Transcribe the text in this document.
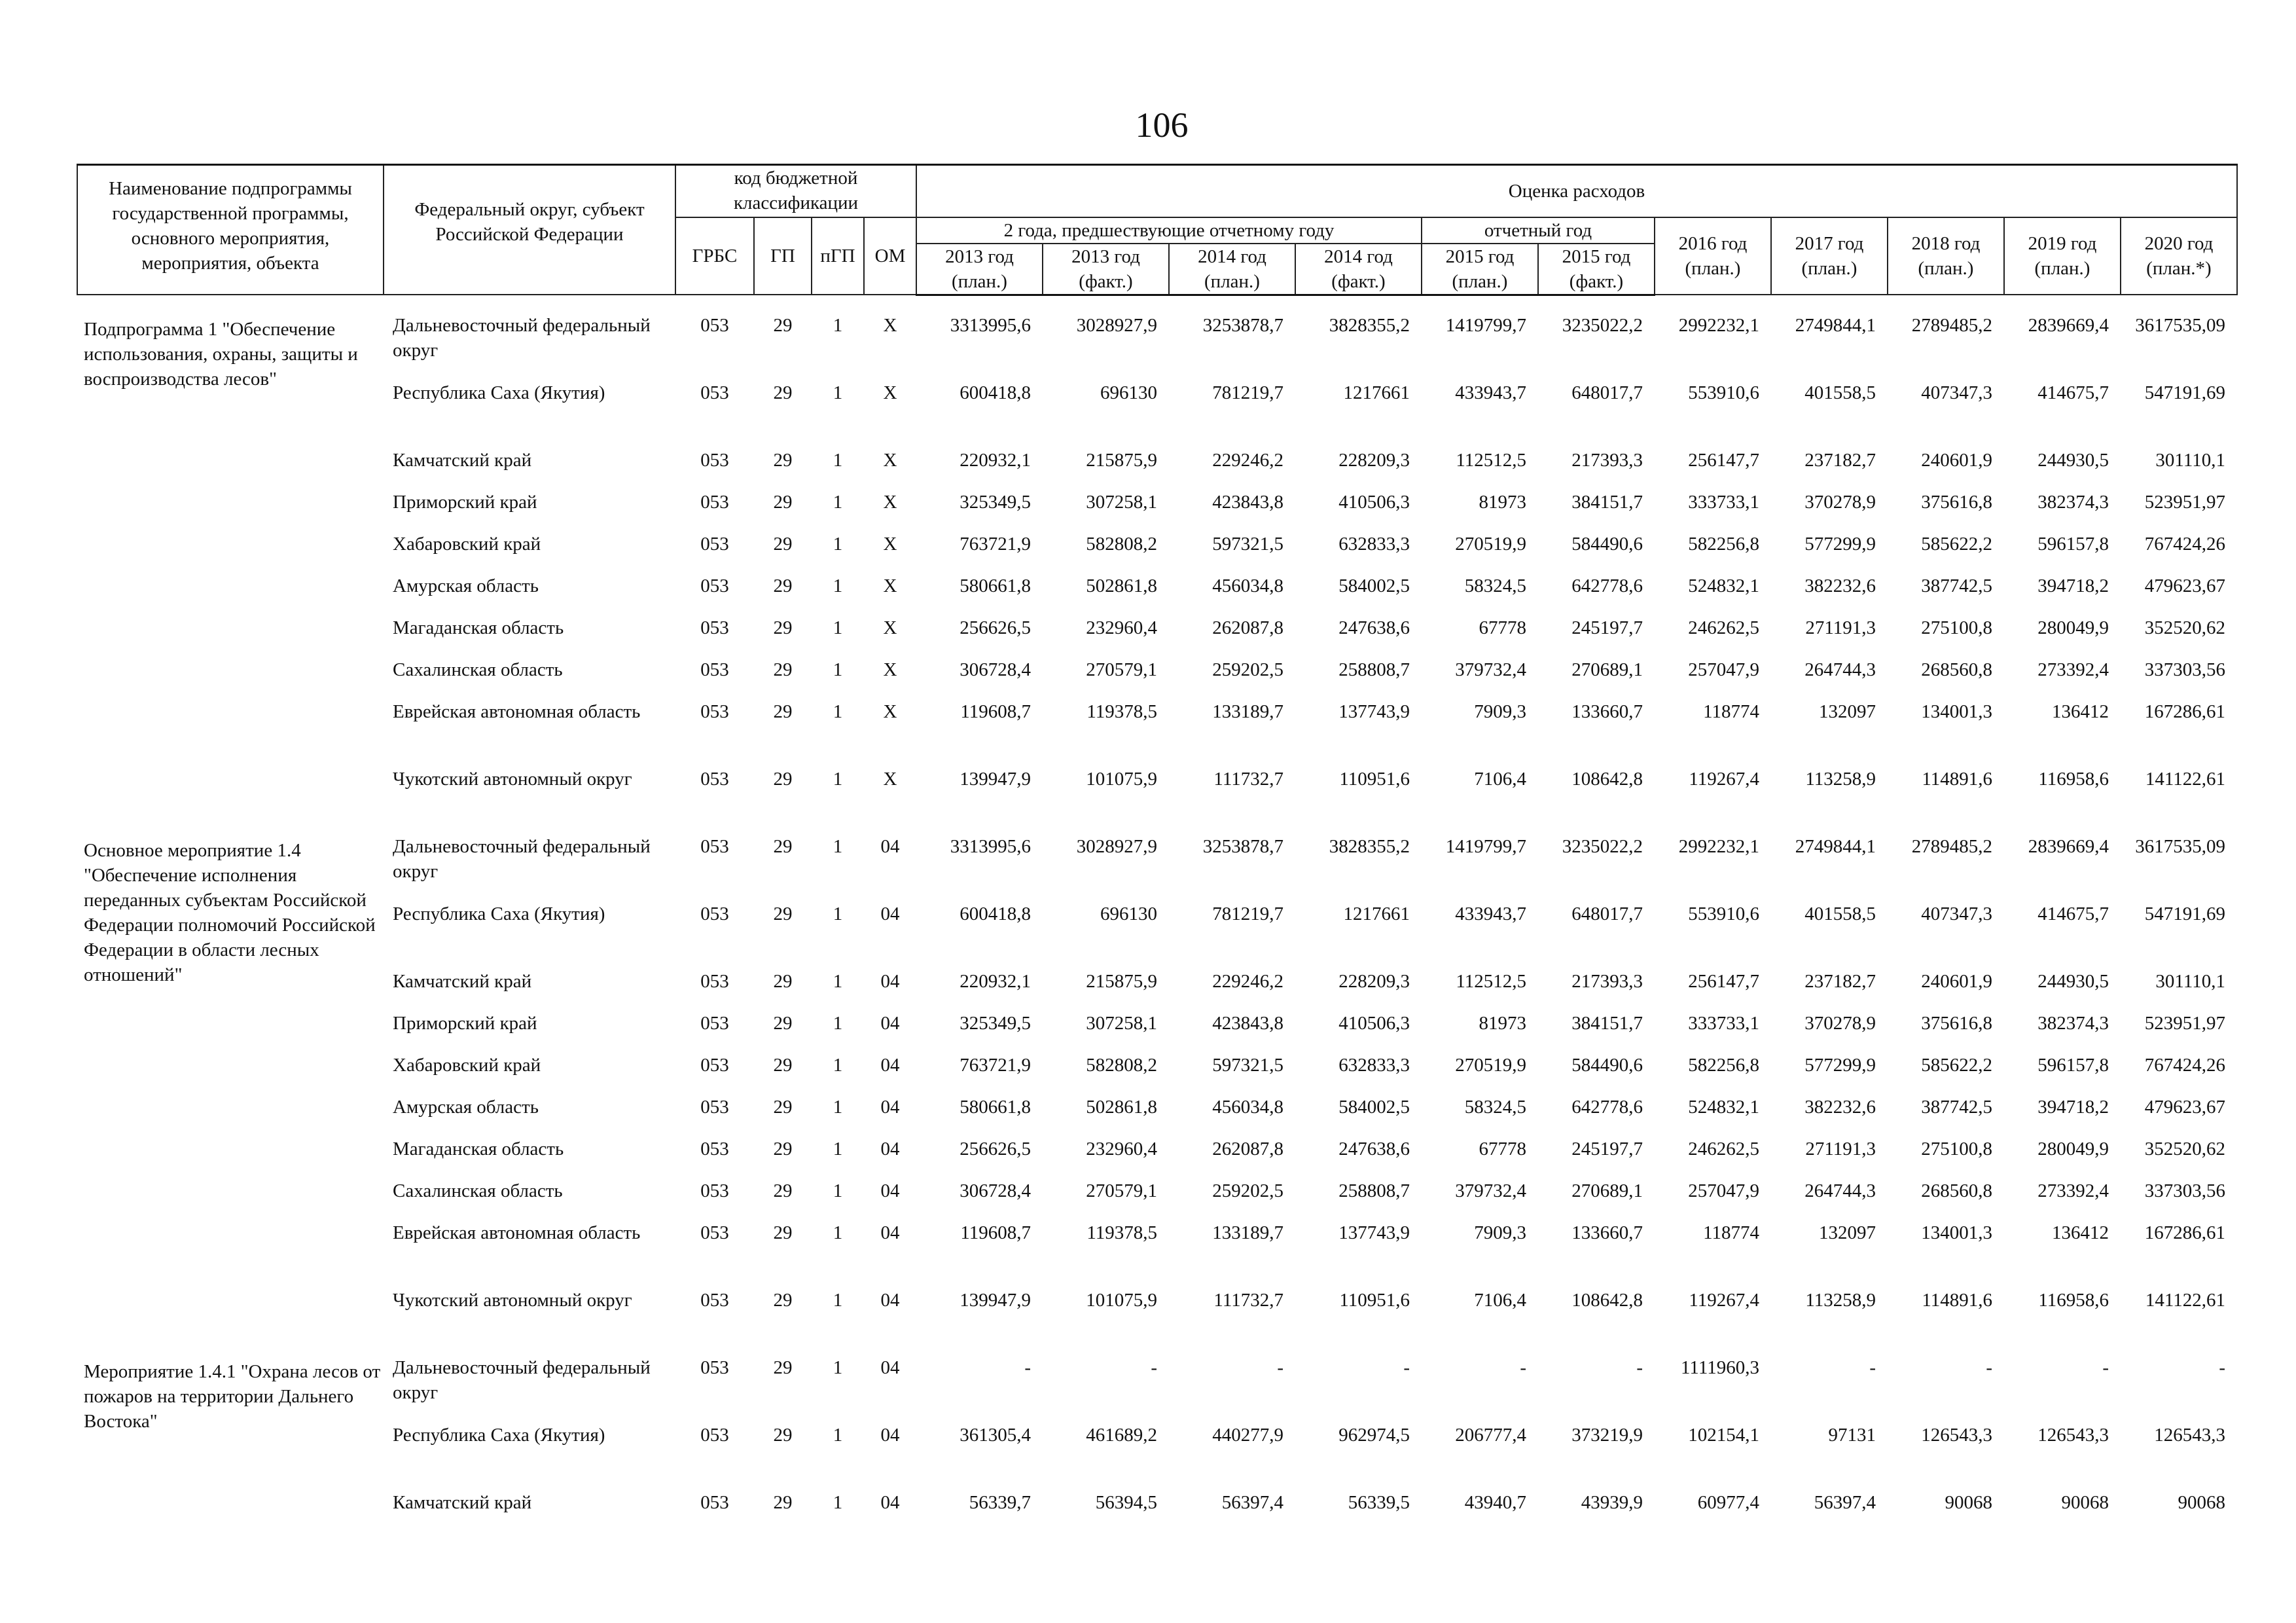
106
Наименование подпрограммы государственной программы, основного мероприятия, мероприятия, объекта	Федеральный округ, субъект Российской Федерации	код бюджетной классификации				Оценка расходов										
		ГРБС	ГП	пГП	ОМ	2 года, предшествующие отчетному году				отчетный год		2016 год (план.)	2017 год (план.)	2018 год (план.)	2019 год (план.)	2020 год (план.*)
						2013 год (план.)	2013 год (факт.)	2014 год (план.)	2014 год (факт.)	2015 год (план.)	2015 год (факт.)					

Подпрограмма 1 "Обеспечение использования, охраны, защиты и воспроизводства лесов"	Дальневосточный федеральный округ	053	29	1	Х	3313995,6	3028927,9	3253878,7	3828355,2	1419799,7	3235022,2	2992232,1	2749844,1	2789485,2	2839669,4	3617535,09
	Республика Саха (Якутия)	053	29	1	Х	600418,8	696130	781219,7	1217661	433943,7	648017,7	553910,6	401558,5	407347,3	414675,7	547191,69
	Камчатский край	053	29	1	Х	220932,1	215875,9	229246,2	228209,3	112512,5	217393,3	256147,7	237182,7	240601,9	244930,5	301110,1
	Приморский край	053	29	1	Х	325349,5	307258,1	423843,8	410506,3	81973	384151,7	333733,1	370278,9	375616,8	382374,3	523951,97
	Хабаровский край	053	29	1	Х	763721,9	582808,2	597321,5	632833,3	270519,9	584490,6	582256,8	577299,9	585622,2	596157,8	767424,26
	Амурская область	053	29	1	Х	580661,8	502861,8	456034,8	584002,5	58324,5	642778,6	524832,1	382232,6	387742,5	394718,2	479623,67
	Магаданская область	053	29	1	Х	256626,5	232960,4	262087,8	247638,6	67778	245197,7	246262,5	271191,3	275100,8	280049,9	352520,62
	Сахалинская область	053	29	1	Х	306728,4	270579,1	259202,5	258808,7	379732,4	270689,1	257047,9	264744,3	268560,8	273392,4	337303,56
	Еврейская автономная область	053	29	1	Х	119608,7	119378,5	133189,7	137743,9	7909,3	133660,7	118774	132097	134001,3	136412	167286,61
	Чукотский автономный округ	053	29	1	Х	139947,9	101075,9	111732,7	110951,6	7106,4	108642,8	119267,4	113258,9	114891,6	116958,6	141122,61
Основное мероприятие 1.4 "Обеспечение исполнения переданных субъектам Российской Федерации полномочий Российской Федерации в области лесных отношений"	Дальневосточный федеральный округ	053	29	1	04	3313995,6	3028927,9	3253878,7	3828355,2	1419799,7	3235022,2	2992232,1	2749844,1	2789485,2	2839669,4	3617535,09
	Республика Саха (Якутия)	053	29	1	04	600418,8	696130	781219,7	1217661	433943,7	648017,7	553910,6	401558,5	407347,3	414675,7	547191,69
	Камчатский край	053	29	1	04	220932,1	215875,9	229246,2	228209,3	112512,5	217393,3	256147,7	237182,7	240601,9	244930,5	301110,1
	Приморский край	053	29	1	04	325349,5	307258,1	423843,8	410506,3	81973	384151,7	333733,1	370278,9	375616,8	382374,3	523951,97
	Хабаровский край	053	29	1	04	763721,9	582808,2	597321,5	632833,3	270519,9	584490,6	582256,8	577299,9	585622,2	596157,8	767424,26
	Амурская область	053	29	1	04	580661,8	502861,8	456034,8	584002,5	58324,5	642778,6	524832,1	382232,6	387742,5	394718,2	479623,67
	Магаданская область	053	29	1	04	256626,5	232960,4	262087,8	247638,6	67778	245197,7	246262,5	271191,3	275100,8	280049,9	352520,62
	Сахалинская область	053	29	1	04	306728,4	270579,1	259202,5	258808,7	379732,4	270689,1	257047,9	264744,3	268560,8	273392,4	337303,56
	Еврейская автономная область	053	29	1	04	119608,7	119378,5	133189,7	137743,9	7909,3	133660,7	118774	132097	134001,3	136412	167286,61
	Чукотский автономный округ	053	29	1	04	139947,9	101075,9	111732,7	110951,6	7106,4	108642,8	119267,4	113258,9	114891,6	116958,6	141122,61
Мероприятие 1.4.1 "Охрана лесов от пожаров на территории Дальнего Востока"	Дальневосточный федеральный округ	053	29	1	04	-	-	-	-	-	-	1111960,3	-	-	-	-
	Республика Саха (Якутия)	053	29	1	04	361305,4	461689,2	440277,9	962974,5	206777,4	373219,9	102154,1	97131	126543,3	126543,3	126543,3
	Камчатский край	053	29	1	04	56339,7	56394,5	56397,4	56339,5	43940,7	43939,9	60977,4	56397,4	90068	90068	90068
